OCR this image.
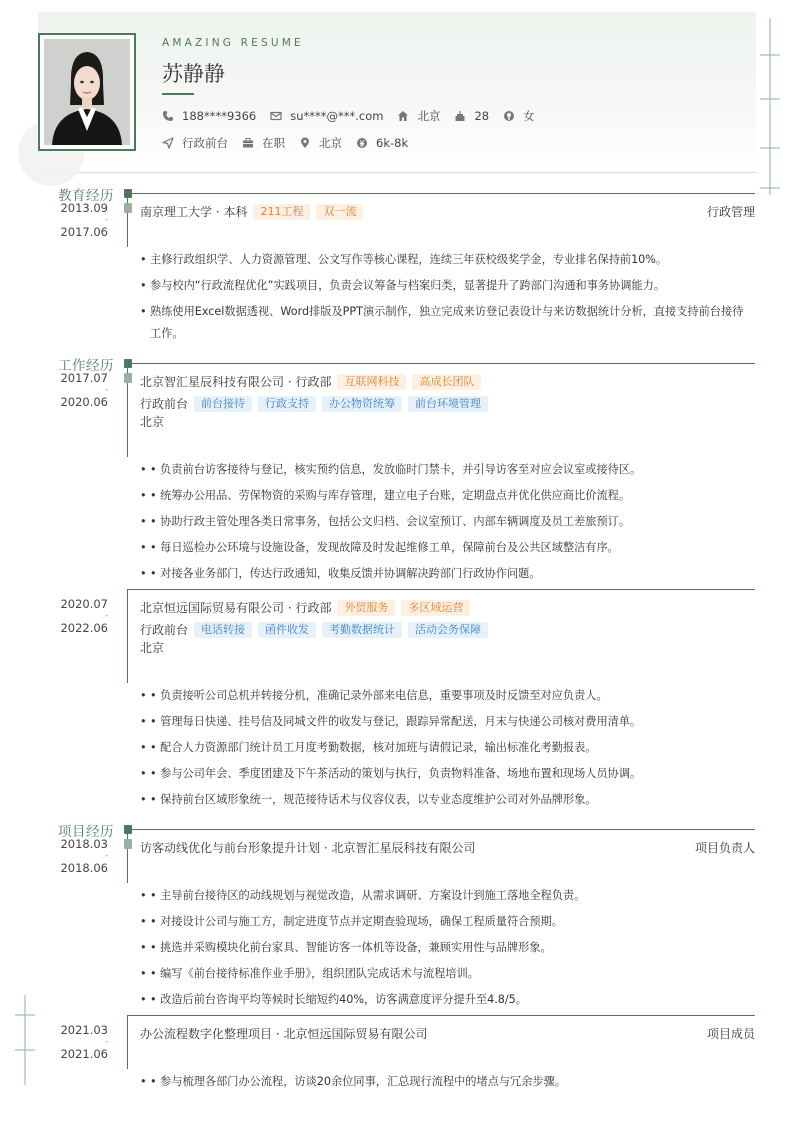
AMAZING RESUME
苏静静
188****9366	su****@***.com	北京	28	女
行政前台	在职	北京	6k-8k
教育经历
2013.09
-
2017.06
南京理工大学 · 本科	211工程	双一流	行政管理
• 主修行政组织学、人力资源管理、公文写作等核心课程，连续三年获校级奖学金，专业排名保持前10%。
• 参与校内“行政流程优化”实践项目，负责会议筹备与档案归类，显著提升了跨部门沟通和事务协调能力。
• 熟练使用Excel数据透视、Word排版及PPT演示制作，独立完成来访登记表设计与来访数据统计分析，直接支持前台接待工作。
工作经历
2017.07
-
2020.06
北京智汇星辰科技有限公司 · 行政部	互联网科技	高成长团队
行政前台	前台接待	行政支持	办公物资统筹	前台环境管理
北京
• • 负责前台访客接待与登记，核实预约信息，发放临时门禁卡，并引导访客至对应会议室或接待区。
• • 统筹办公用品、劳保物资的采购与库存管理，建立电子台账，定期盘点并优化供应商比价流程。
• • 协助行政主管处理各类日常事务，包括公文归档、会议室预订、内部车辆调度及员工差旅预订。
• • 每日巡检办公环境与设施设备，发现故障及时发起维修工单，保障前台及公共区域整洁有序。
• • 对接各业务部门，传达行政通知，收集反馈并协调解决跨部门行政协作问题。
2020.07
-
2022.06
北京恒远国际贸易有限公司 · 行政部	外贸服务	多区域运营
行政前台	电话转接	函件收发	考勤数据统计	活动会务保障
北京
• • 负责接听公司总机并转接分机，准确记录外部来电信息，重要事项及时反馈至对应负责人。
• • 管理每日快递、挂号信及同城文件的收发与登记，跟踪异常配送，月末与快递公司核对费用清单。
• • 配合人力资源部门统计员工月度考勤数据，核对加班与请假记录，输出标准化考勤报表。
• • 参与公司年会、季度团建及下午茶活动的策划与执行，负责物料准备、场地布置和现场人员协调。
• • 保持前台区域形象统一，规范接待话术与仪容仪表，以专业态度维护公司对外品牌形象。
项目经历
2018.03
-
2018.06
访客动线优化与前台形象提升计划 · 北京智汇星辰科技有限公司	项目负责人
• • 主导前台接待区的动线规划与视觉改造，从需求调研、方案设计到施工落地全程负责。
• • 对接设计公司与施工方，制定进度节点并定期查验现场，确保工程质量符合预期。
• • 挑选并采购模块化前台家具、智能访客一体机等设备，兼顾实用性与品牌形象。
• • 编写《前台接待标准作业手册》，组织团队完成话术与流程培训。
• • 改造后前台咨询平均等候时长缩短约40%，访客满意度评分提升至4.8/5。
2021.03
-
2021.06
办公流程数字化整理项目 · 北京恒远国际贸易有限公司	项目成员
• • 参与梳理各部门办公流程，访谈20余位同事，汇总现行流程中的堵点与冗余步骤。
